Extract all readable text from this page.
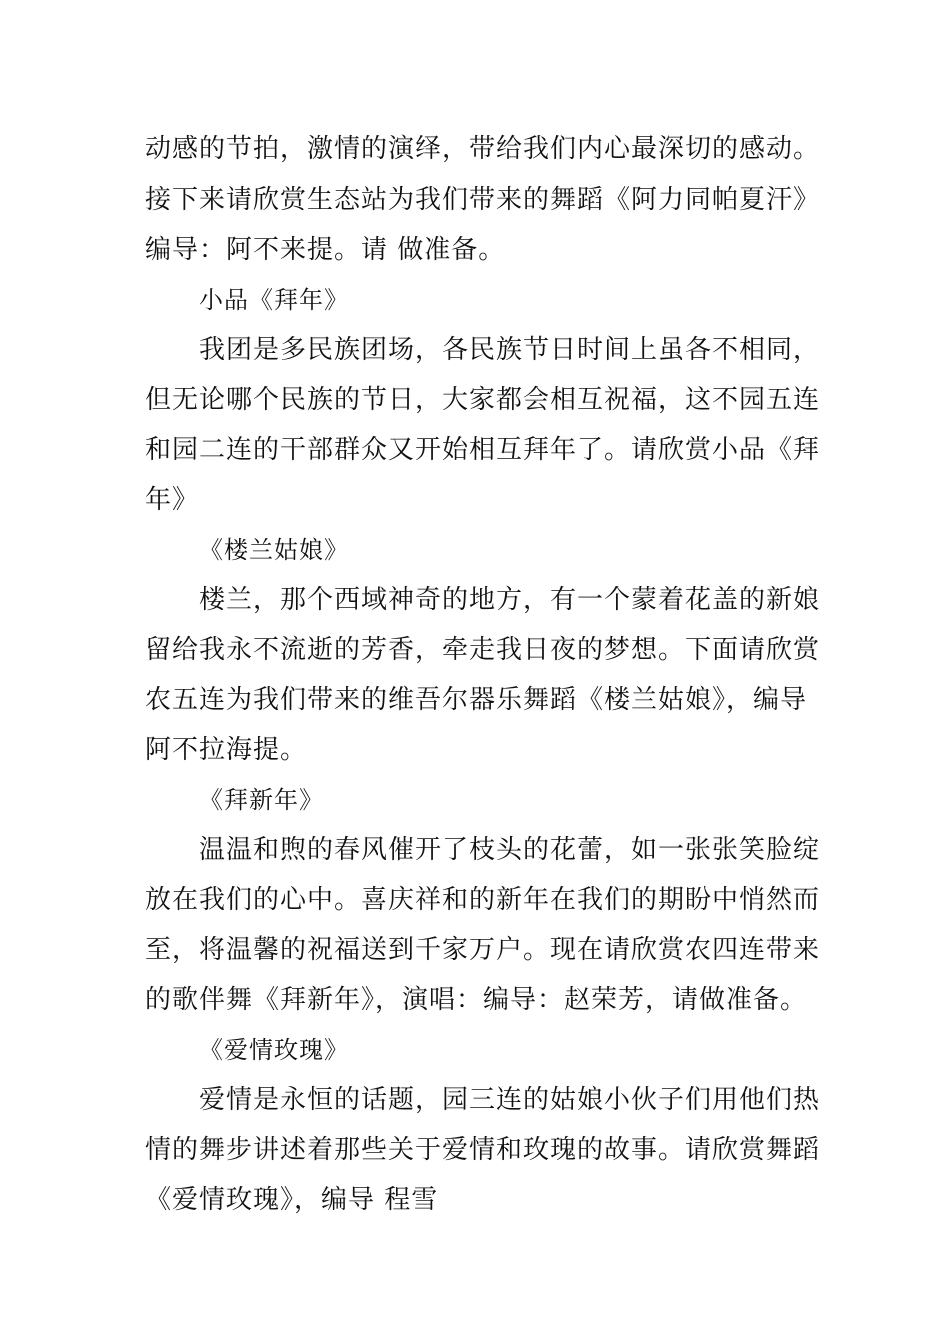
动感的节拍，激情的演绎，带给我们内心最深切的感动。
接下来请欣赏生态站为我们带来的舞蹈《阿力同帕夏汗》
编导：阿不来提。请 做准备。
小品《拜年》
我团是多民族团场，各民族节日时间上虽各不相同，
但无论哪个民族的节日，大家都会相互祝福，这不园五连
和园二连的干部群众又开始相互拜年了。请欣赏小品《拜
年》
《楼兰姑娘》
楼兰，那个西域神奇的地方，有一个蒙着花盖的新娘
留给我永不流逝的芳香，牵走我日夜的梦想。下面请欣赏
农五连为我们带来的维吾尔器乐舞蹈《楼兰姑娘》，编导
阿不拉海提。
《拜新年》
温温和煦的春风催开了枝头的花蕾，如一张张笑脸绽
放在我们的心中。喜庆祥和的新年在我们的期盼中悄然而
至，将温馨的祝福送到千家万户。现在请欣赏农四连带来
的歌伴舞《拜新年》，演唱：编导：赵荣芳，请做准备。
《爱情玫瑰》
爱情是永恒的话题，园三连的姑娘小伙子们用他们热
情的舞步讲述着那些关于爱情和玫瑰的故事。请欣赏舞蹈
《爱情玫瑰》，编导 程雪
